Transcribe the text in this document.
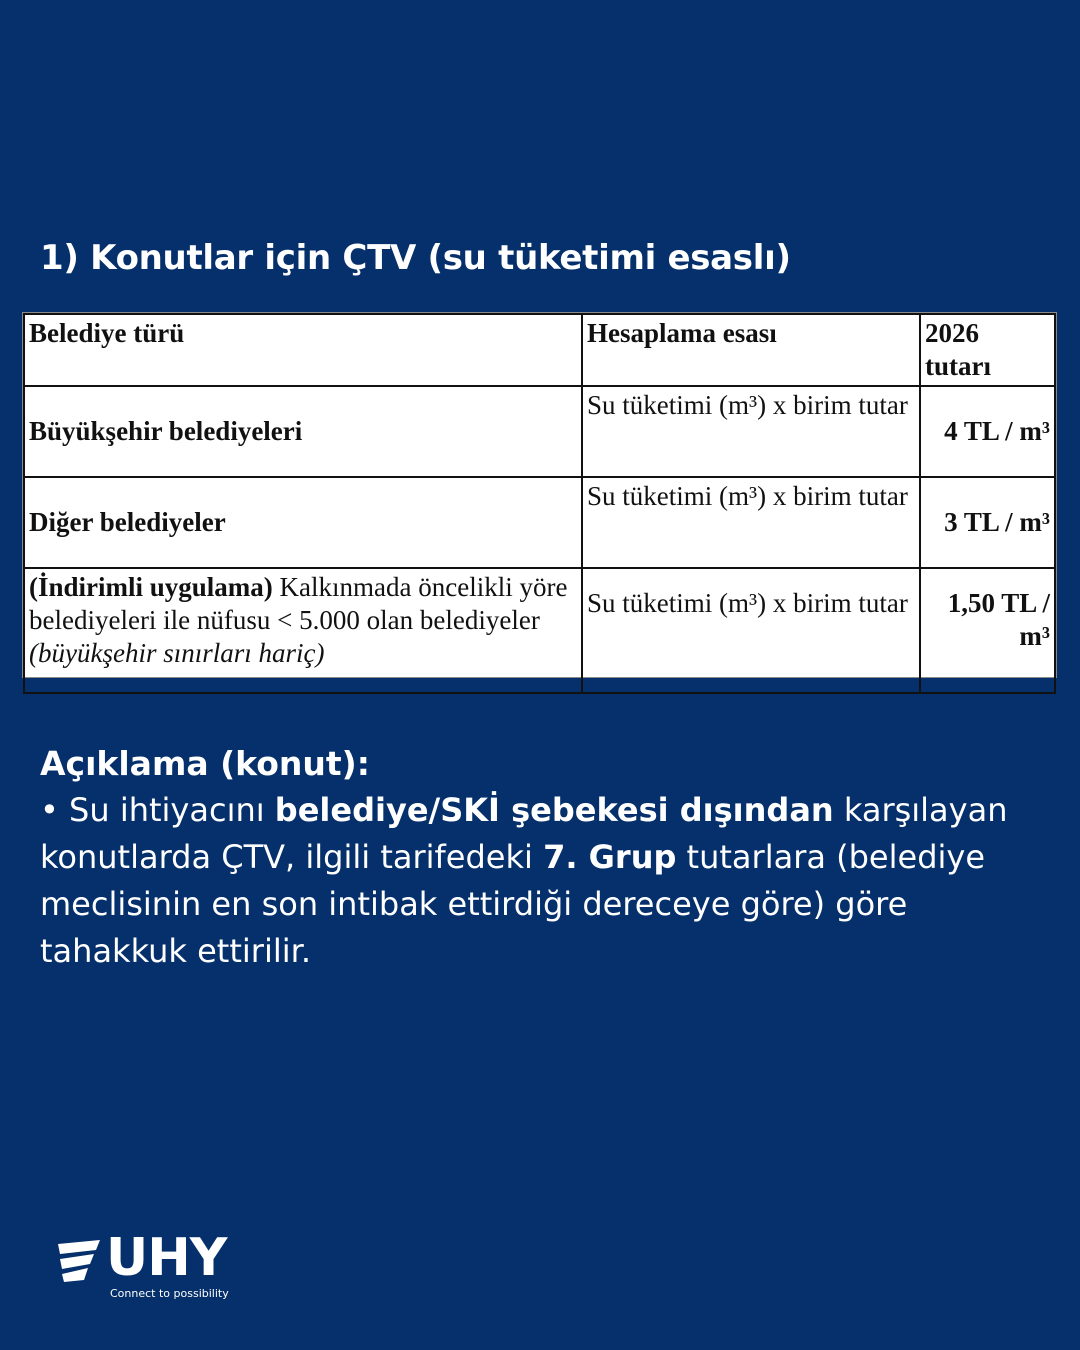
1) Konutlar için ÇTV (su tüketimi esaslı)
Belediye türü	Hesaplama esası	2026 tutarı
Büyükşehir belediyeleri	Su tüketimi (m³) x birim tutar	4 TL / m³
Diğer belediyeler	Su tüketimi (m³) x birim tutar	3 TL / m³
(İndirimli uygulama) Kalkınmada öncelikli yöre belediyeleri ile nüfusu < 5.000 olan belediyeler (büyükşehir sınırları hariç)	Su tüketimi (m³) x birim tutar	1,50 TL / m³
Açıklama (konut):
• Su ihtiyacını belediye/SKİ şebekesi dışından karşılayan konutlarda ÇTV, ilgili tarifedeki 7. Grup tutarlara (belediye meclisinin en son intibak ettirdiği dereceye göre) göre tahakkuk ettirilir.
UHY
Connect to possibility
